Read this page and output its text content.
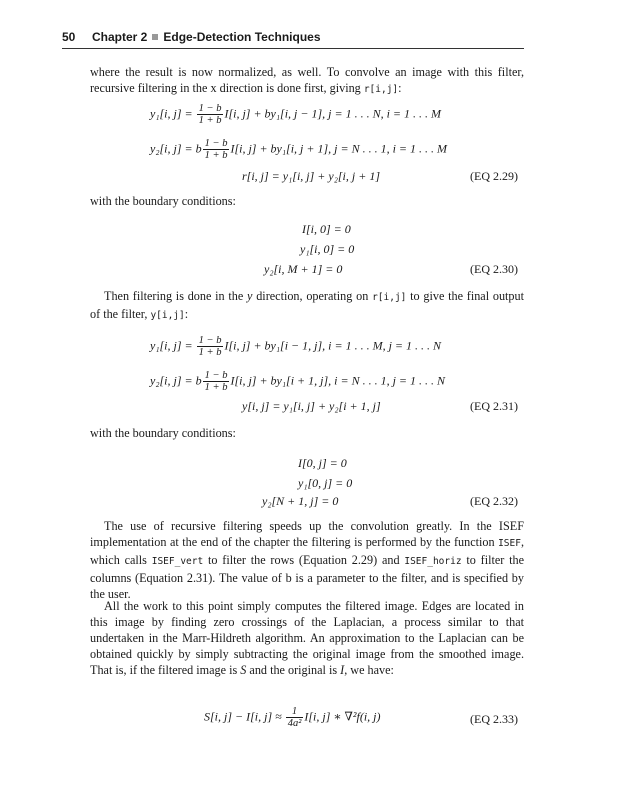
50 Chapter 2 Edge-Detection Techniques
where the result is now normalized, as well. To convolve an image with this filter, recursive filtering in the x direction is done first, giving r[i,j]:
y₁[i, $j] = \frac{1 - b}{1 + b} I[i$, j] + by₁[i, j − 1], j = 1 . . . N, i = 1 . . . M
y₂[i, j] = b $\frac{1 - b}{1 + b} I[i$, j] + by₁[i, j + 1], j = N . . . 1, i = 1 . . . M
r[i, j] = y₁[i, j] + y₂[i, j + 1]	(EQ 2.29)
with the boundary conditions:
I[i, 0] = 0
y₁[i, 0] = 0
y₂[i, M + 1] = 0	(EQ 2.30)
Then filtering is done in the y direction, operating on r[i,j] to give the final output of the filter, y[i,j]:
y₁[i, $j] = \frac{1 - b}{1 + b} I[i$, j] + by₁[i − 1, j], i = 1 . . . M, j = 1 . . . N
y₂[i, j] = b $\frac{1 - b}{1 + b} I[i$, j] + by₁[i + 1, j], i = N . . . 1, j = 1 . . . N
y[i, j] = y₁[i, j] + y₂[i + 1, j]	(EQ 2.31)
with the boundary conditions:
I[0, j] = 0
y₁[0, j] = 0
y₂[N + 1, j] = 0	(EQ 2.32)
The use of recursive filtering speeds up the convolution greatly. In the ISEF implementation at the end of the chapter the filtering is performed by the function ISEF, which calls ISEF_vert to filter the rows (Equation 2.29) and ISEF_horiz to filter the columns (Equation 2.31). The value of b is a parameter to the filter, and is specified by the user.
All the work to this point simply computes the filtered image. Edges are located in this image by finding zero crossings of the Laplacian, a process similar to that undertaken in the Marr-Hildreth algorithm. An approximation to the Laplacian can be obtained quickly by simply subtracting the original image from the smoothed image. That is, if the filtered image is S and the original is I, we have:
S[i, j] − I[i, $j] \approx \frac{1}{\text{4a²}} I[i$, j] ∗ ∇²f(i, j)	(EQ 2.33)
